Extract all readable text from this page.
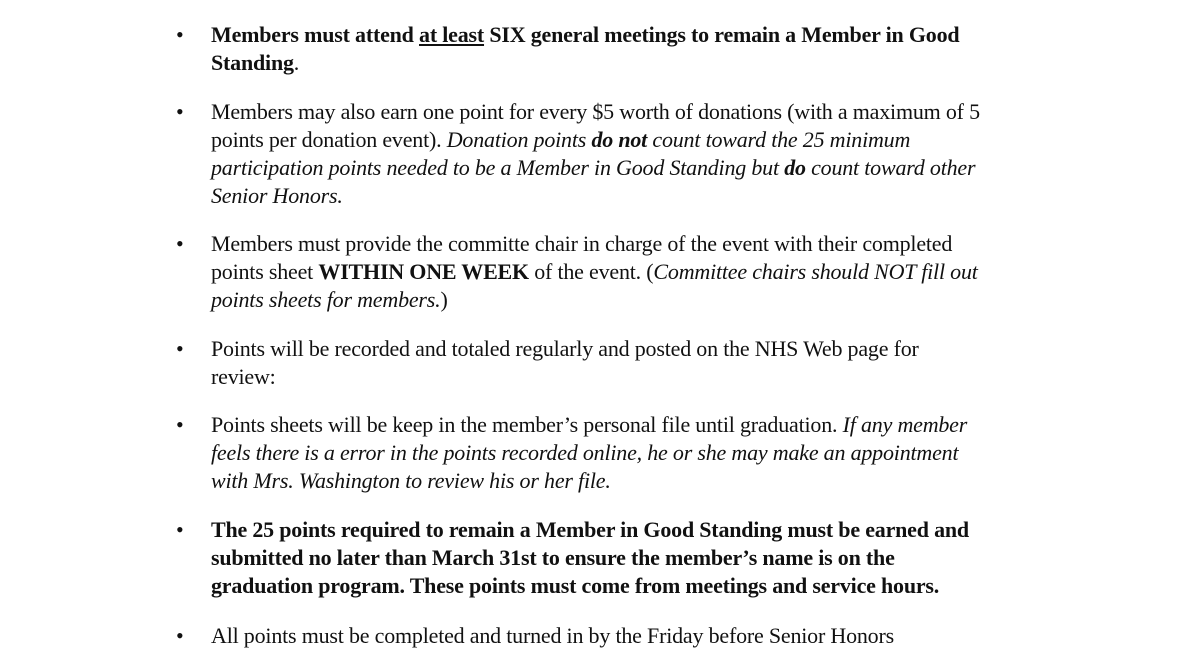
• Members must attend at least SIX general meetings to remain a Member in Good
Standing.
• Members may also earn one point for every $5 worth of donations (with a maximum of 5
points per donation event). Donation points do not count toward the 25 minimum
participation points needed to be a Member in Good Standing but do count toward other
Senior Honors.
• Members must provide the committe chair in charge of the event with their completed
points sheet WITHIN ONE WEEK of the event. (Committee chairs should NOT fill out
points sheets for members.)
• Points will be recorded and totaled regularly and posted on the NHS Web page for
review:
• Points sheets will be keep in the member’s personal file until graduation. If any member
feels there is a error in the points recorded online, he or she may make an appointment
with Mrs. Washington to review his or her file.
• The 25 points required to remain a Member in Good Standing must be earned and
submitted no later than March 31st to ensure the member’s name is on the
graduation program. These points must come from meetings and service hours.
• All points must be completed and turned in by the Friday before Senior Honors
